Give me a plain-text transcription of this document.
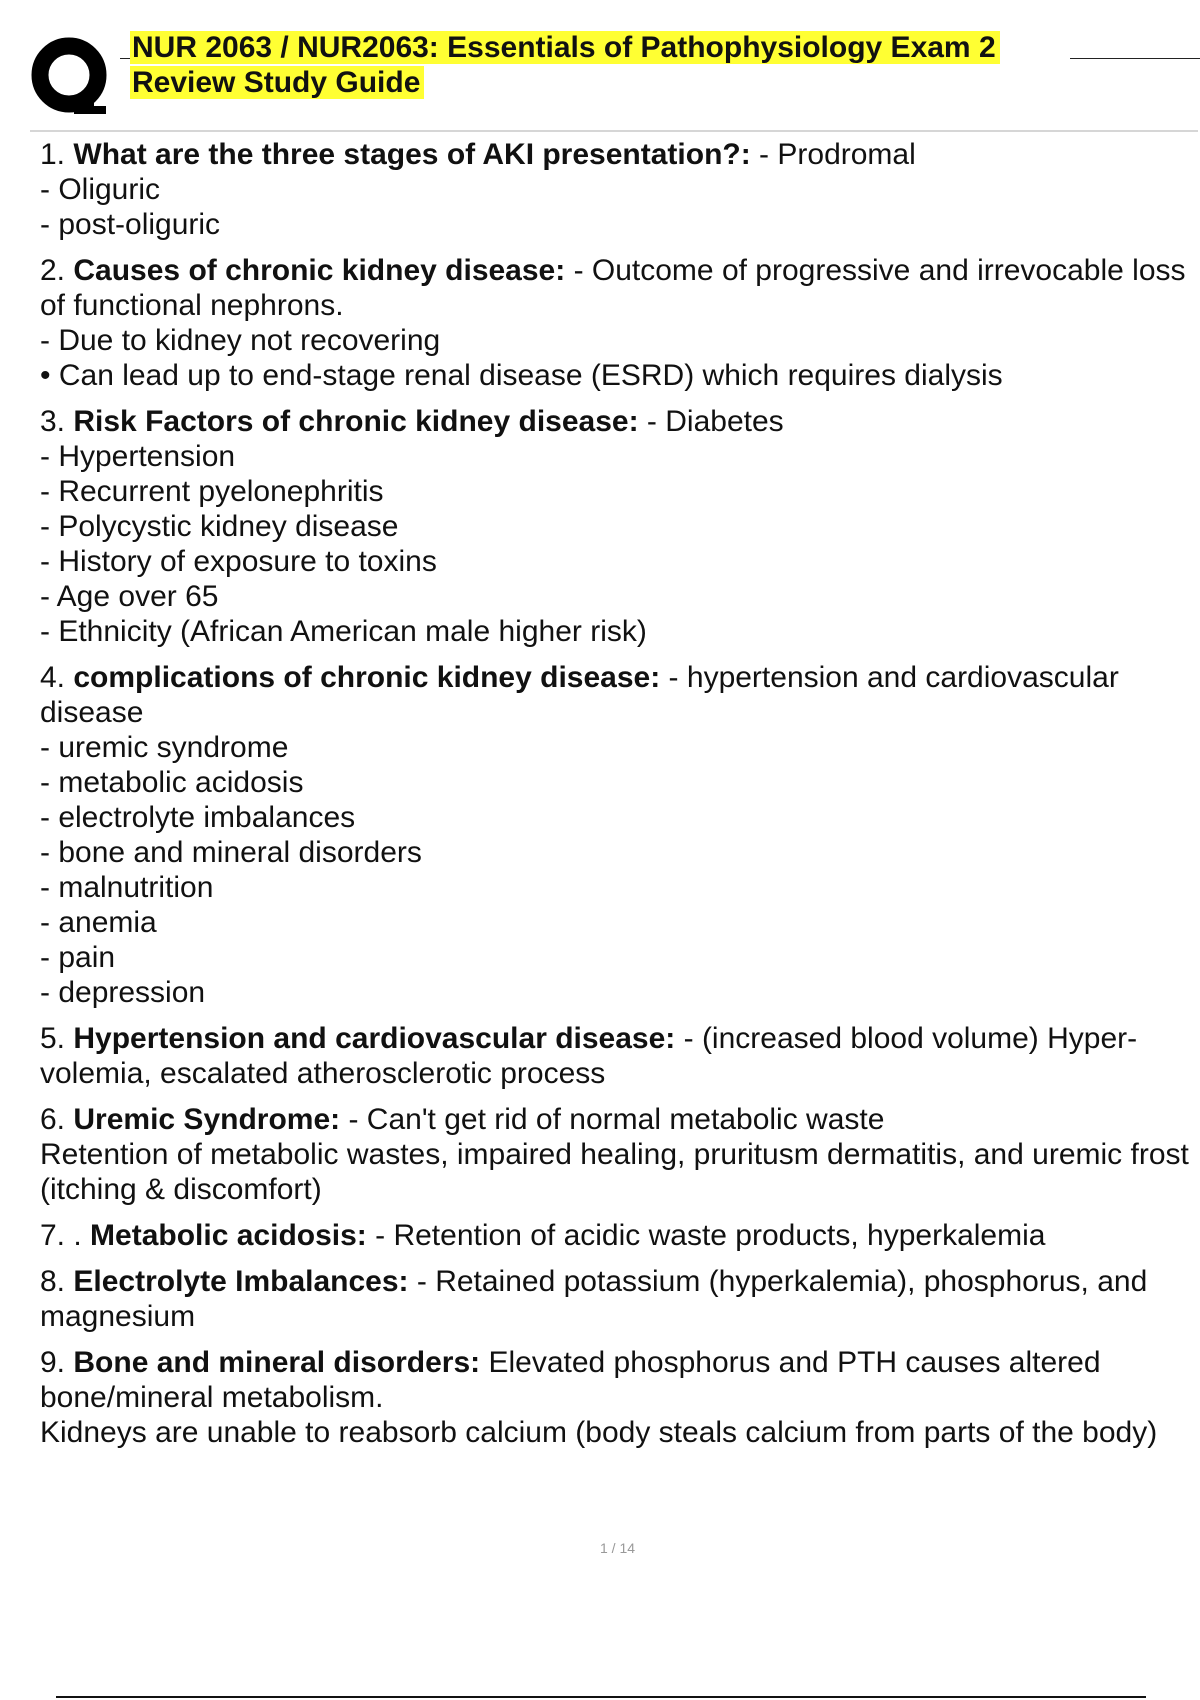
NUR 2063 / NUR2063: Essentials of Pathophysiology Exam 2
Review Study Guide

1. What are the three stages of AKI presentation?: - Prodromal

- Oliguric

- post-oliguric

2. Causes of chronic kidney disease: - Outcome of progressive and irrevocable loss of functional nephrons.

- Due to kidney not recovering

• Can lead up to end-stage renal disease (ESRD) which requires dialysis

3. Risk Factors of chronic kidney disease: - Diabetes

- Hypertension

- Recurrent pyelonephritis

- Polycystic kidney disease

- History of exposure to toxins

- Age over 65

- Ethnicity (African American male higher risk)

4. complications of chronic kidney disease: - hypertension and cardiovascular disease

- uremic syndrome

- metabolic acidosis

- electrolyte imbalances

- bone and mineral disorders

- malnutrition

- anemia

- pain

- depression

5. Hypertension and cardiovascular disease: - (increased blood volume) Hyper-volemia, escalated atherosclerotic process

6. Uremic Syndrome: - Can't get rid of normal metabolic waste

Retention of metabolic wastes, impaired healing, pruritusm dermatitis, and uremic frost (itching & discomfort)

7. . Metabolic acidosis: - Retention of acidic waste products, hyperkalemia

8. Electrolyte Imbalances: - Retained potassium (hyperkalemia), phosphorus, and magnesium

9. Bone and mineral disorders: Elevated phosphorus and PTH causes altered bone/mineral metabolism.

Kidneys are unable to reabsorb calcium (body steals calcium from parts of the body)

1 / 14
